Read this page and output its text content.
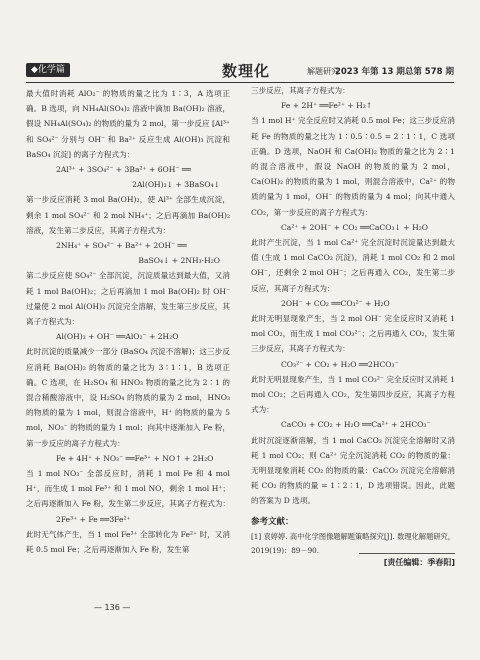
◆化学篇	数理化	解题研究
2023 年第 13 期总第 578 期

最大值时消耗 AlO₂⁻ 的物质的量之比为 1∶3，A 选项正确。B 选项，向 NH₄Al(SO₄)₂ 溶液中滴加 Ba(OH)₂ 溶液，假设 NH₄Al(SO₄)₂ 的物质的量为 2 mol，第一步反应 [Al³⁺ 和 SO₄²⁻ 分别与 OH⁻ 和 Ba²⁺ 反应生成 Al(OH)₃ 沉淀和 BaSO₄ 沉淀] 的离子方程式为：

2Al³⁺ + 3SO₄²⁻ + 3Ba²⁺ + 6OH⁻ ══

2Al(OH)₃↓ + 3BaSO₄↓

第一步反应消耗 3 mol Ba(OH)₂，使 Al³⁺ 全部生成沉淀，剩余 1 mol SO₄²⁻ 和 2 mol NH₄⁺；之后再滴加 Ba(OH)₂ 溶液，发生第二步反应，其离子方程式为：

2NH₄⁺ + SO₄²⁻ + Ba²⁺ + 2OH⁻ ══

BaSO₄↓ + 2NH₃·H₂O

第二步反应使 SO₄²⁻ 全部沉淀，沉淀质量达到最大值，又消耗 1 mol Ba(OH)₂；之后再滴加 1 mol Ba(OH)₂ 时 OH⁻ 过量使 2 mol Al(OH)₃ 沉淀完全溶解，发生第三步反应，其离子方程式为：

Al(OH)₃ + OH⁻ ══AlO₂⁻ + 2H₂O

此时沉淀的质量减少一部分 (BaSO₄ 沉淀不溶解)；这三步反应消耗 Ba(OH)₂ 的物质的量之比为 3∶1∶1，B 选项正确。C 选项，在 H₂SO₄ 和 HNO₃ 物质的量之比为 2∶1 的混合稀酸溶液中，设 H₂SO₄ 的物质的量为 2 mol，HNO₃ 的物质的量为 1 mol，则混合溶液中，H⁺ 的物质的量为 5 mol，NO₃⁻ 的物质的量为 1 mol；向其中逐渐加入 Fe 粉，第一步反应的离子方程式为：

Fe + 4H⁺ + NO₃⁻ ══Fe³⁺ + NO↑ + 2H₂O

当 1 mol NO₃⁻ 全部反应时，消耗 1 mol Fe 和 4 mol H⁺，而生成 1 mol Fe³⁺ 和 1 mol NO，剩余 1 mol H⁺；之后再逐渐加入 Fe 粉，发生第二步反应，其离子方程式为：

2Fe³⁺ + Fe ══3Fe²⁺

此时无气体产生，当 1 mol Fe³⁺ 全部转化为 Fe²⁺ 时，又消耗 0.5 mol Fe；之后再逐渐加入 Fe 粉，发生第

三步反应，其离子方程式为：

Fe + 2H⁺ ══Fe²⁺ + H₂↑

当 1 mol H⁺ 完全反应时又消耗 0.5 mol Fe；这三步反应消耗 Fe 的物质的量之比为 1∶0.5∶0.5 = 2∶1∶1，C 选项正确。D 选项，NaOH 和 Ca(OH)₂ 物质的量之比为 2∶1 的混合溶液中，假设 NaOH 的物质的量为 2 mol，Ca(OH)₂ 的物质的量为 1 mol，则混合溶液中，Ca²⁺ 的物质的量为 1 mol，OH⁻ 的物质的量为 4 mol；向其中通入 CO₂，第一步反应的离子方程式为：

Ca²⁺ + 2OH⁻ + CO₂ ══CaCO₃↓ + H₂O

此时产生沉淀，当 1 mol Ca²⁺ 完全沉淀时沉淀量达到最大值 (生成 1 mol CaCO₃ 沉淀)，消耗 1 mol CO₂ 和 2 mol OH⁻，还剩余 2 mol OH⁻；之后再通入 CO₂，发生第二步反应，其离子方程式为：

2OH⁻ + CO₂ ══CO₃²⁻ + H₂O

此时无明显现象产生，当 2 mol OH⁻ 完全反应时又消耗 1 mol CO₂，而生成 1 mol CO₃²⁻；之后再通入 CO₂，发生第三步反应，其离子方程式为：

CO₃²⁻ + CO₂ + H₂O ══2HCO₃⁻

此时无明显现象产生，当 1 mol CO₃²⁻ 完全反应时又消耗 1 mol CO₂；之后再通入 CO₂，发生第四步反应，其离子方程式为：

CaCO₃ + CO₂ + H₂O ══Ca²⁺ + 2HCO₃⁻

此时沉淀逐渐溶解，当 1 mol CaCO₃ 沉淀完全溶解时又消耗 1 mol CO₂；则 Ca²⁺ 完全沉淀消耗 CO₂ 的物质的量：无明显现象消耗 CO₂ 的物质的量：CaCO₃ 沉淀完全溶解消耗 CO₂ 的物质的量 = 1∶2∶1，D 选项错误。因此，此题的答案为 D 选项。

参考文献：
[1] 袁婷婷. 高中化学图像题解题策略探究[J]. 数理化解题研究，2019(19)：89－90.
[责任编辑：季春阳]
— 136 —
